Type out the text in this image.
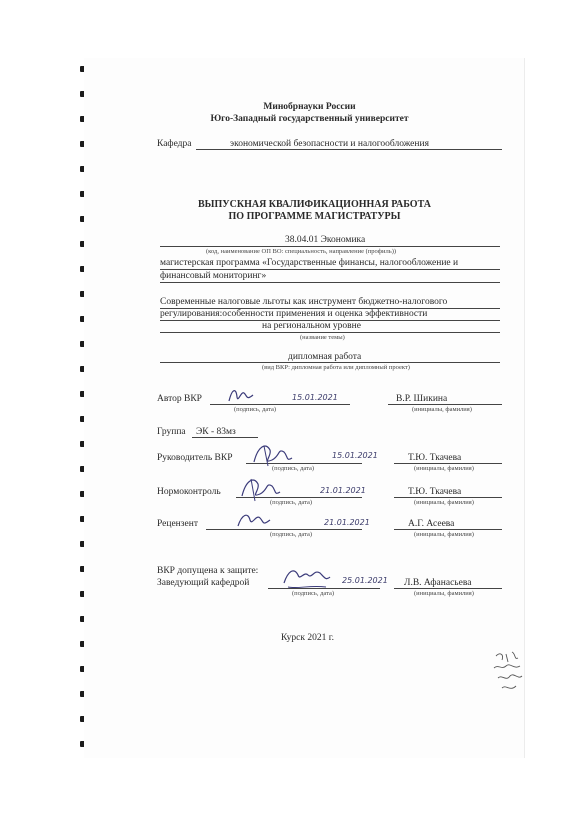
Минобрнауки России
Юго-Западный государственный университет
Кафедра	экономической безопасности и налогообложения
ВЫПУСКНАЯ КВАЛИФИКАЦИОННАЯ РАБОТА
ПО ПРОГРАММЕ МАГИСТРАТУРЫ
38.04.01 Экономика
(код, наименование ОП ВО: специальность, направление (профиль))
магистерская программа «Государственные финансы, налогообложение и
финансовый мониторинг»
Современные налоговые льготы как инструмент бюджетно-налогового
регулирования:особенности применения и оценка эффективности
на региональном уровне
(название темы)
дипломная работа
(вид ВКР: дипломная работа или дипломный проект)
Автор ВКР	15.01.2021
(подпись, дата)
В.Р. Шикина
(инициалы, фамилия)
Группа ЭК - 83мз
Руководитель ВКР	15.01.2021
(подпись, дата)
Т.Ю. Ткачева
(инициалы, фамилия)
Нормоконтроль	21.01.2021
(подпись, дата)
Т.Ю. Ткачева
(инициалы, фамилия)
Рецензент	21.01.2021
(подпись, дата)
А.Г. Асеева
(инициалы, фамилия)
ВКР допущена к защите:
Заведующий кафедрой	25.01.2021
(подпись, дата)
Л.В. Афанасьева
(инициалы, фамилия)
Курск 2021 г.
